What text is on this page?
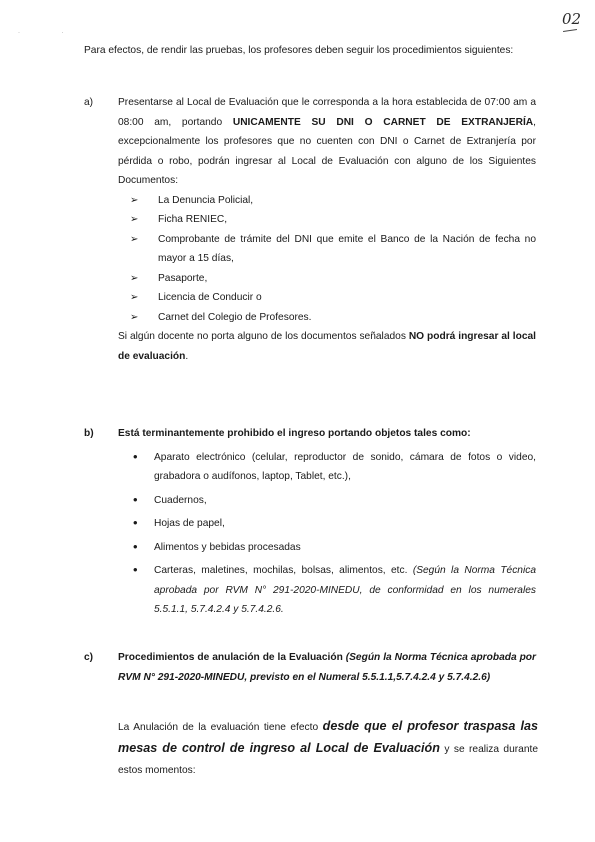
· ·
02
Para efectos, de rendir las pruebas, los profesores deben seguir los procedimientos siguientes:
a)	Presentarse al Local de Evaluación que le corresponda a la hora establecida de 07:00 am a 08:00 am, portando UNICAMENTE SU DNI O CARNET DE EXTRANJERÍA, excepcionalmente los profesores que no cuenten con DNI o Carnet de Extranjería por pérdida o robo, podrán ingresar al Local de Evaluación con alguno de los Siguientes Documentos:
➢ La Denuncia Policial,
➢ Ficha RENIEC,
➢ Comprobante de trámite del DNI que emite el Banco de la Nación de fecha no mayor a 15 días,
➢ Pasaporte,
➢ Licencia de Conducir o
➢ Carnet del Colegio de Profesores.
Si algún docente no porta alguno de los documentos señalados NO podrá ingresar al local de evaluación.
b)	Está terminantemente prohibido el ingreso portando objetos tales como:
• Aparato electrónico (celular, reproductor de sonido, cámara de fotos o video, grabadora o audífonos, laptop, Tablet, etc.),
• Cuadernos,
• Hojas de papel,
• Alimentos y bebidas procesadas
• Carteras, maletines, mochilas, bolsas, alimentos, etc. (Según la Norma Técnica aprobada por RVM N° 291-2020-MINEDU, de conformidad en los numerales 5.5.1.1, 5.7.4.2.4 y 5.7.4.2.6.
c)	Procedimientos de anulación de la Evaluación (Según la Norma Técnica aprobada por RVM N° 291-2020-MINEDU, previsto en el Numeral 5.5.1.1,5.7.4.2.4 y 5.7.4.2.6)
La Anulación de la evaluación tiene efecto desde que el profesor traspasa las mesas de control de ingreso al Local de Evaluación y se realiza durante estos momentos:
